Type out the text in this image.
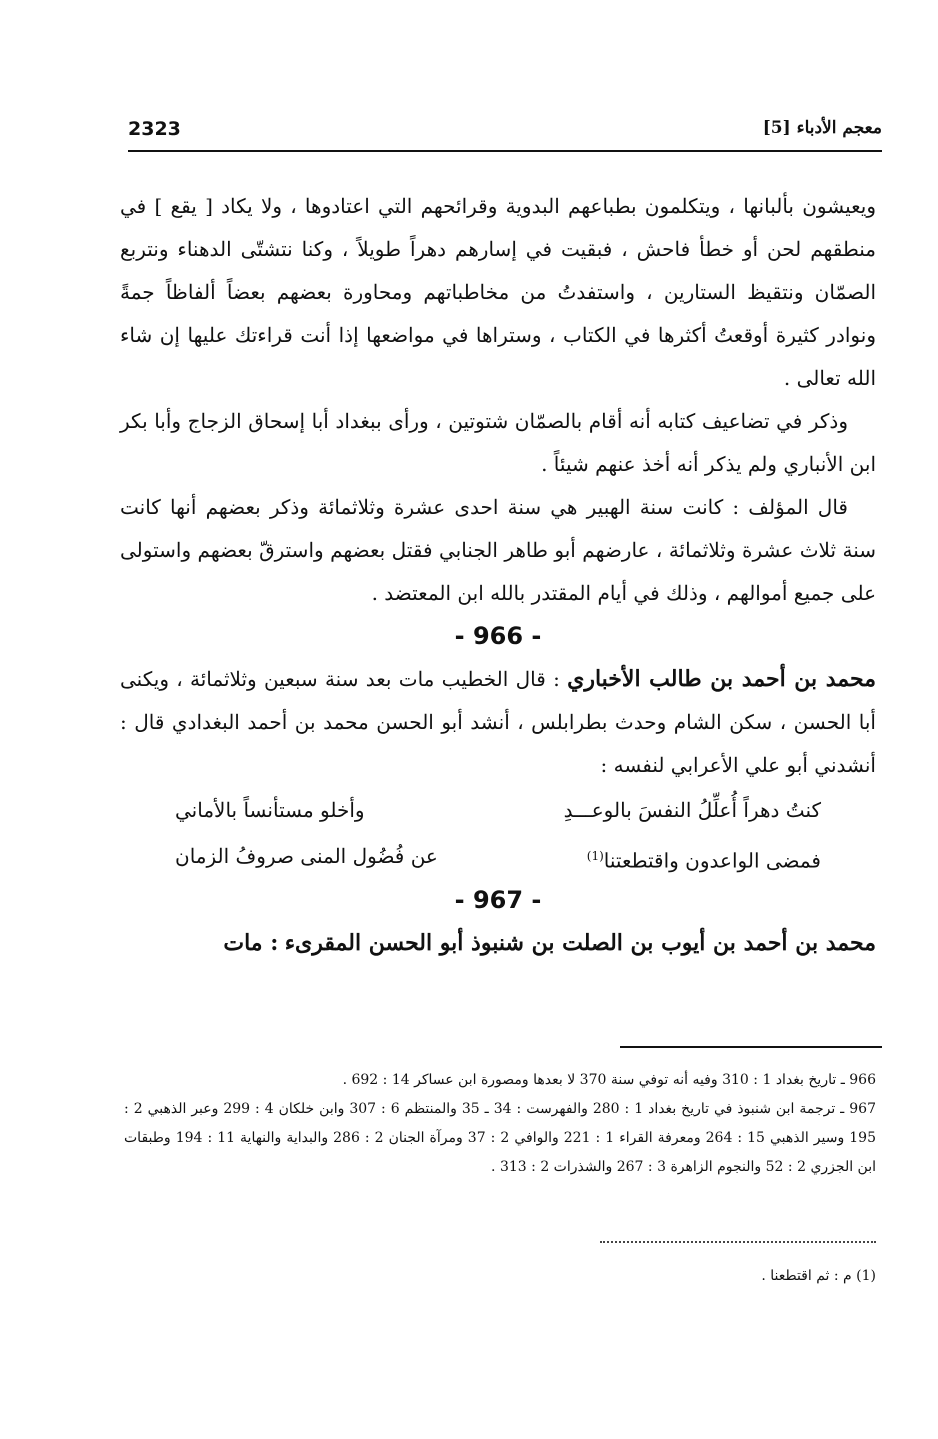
2323	معجم الأدباء [5]

ويعيشون بألبانها ، ويتكلمون بطباعهم البدوية وقرائحهم التي اعتادوها ، ولا يكاد [ يقع ] في منطقهم لحن أو خطأ فاحش ، فبقيت في إسارهم دهراً طويلاً ، وكنا نتشتّى الدهناء ونتربع الصمّان ونتقيظ الستارين ، واستفدتُ من مخاطباتهم ومحاورة بعضهم بعضاً ألفاظاً جمةً ونوادر كثيرة أوقعتُ أكثرها في الكتاب ، وستراها في مواضعها إذا أنت قراءتك عليها إن شاء الله تعالى .

وذكر في تضاعيف كتابه أنه أقام بالصمّان شتوتين ، ورأى ببغداد أبا إسحاق الزجاج وأبا بكر ابن الأنباري ولم يذكر أنه أخذ عنهم شيئاً .

قال المؤلف : كانت سنة الهبير هي سنة احدى عشرة وثلاثمائة وذكر بعضهم أنها كانت سنة ثلاث عشرة وثلاثمائة ، عارضهم أبو طاهر الجنابي فقتل بعضهم واسترقّ بعضهم واستولى على جميع أموالهم ، وذلك في أيام المقتدر بالله ابن المعتضد .

- 966 -

محمد بن أحمد بن طالب الأخباري : قال الخطيب مات بعد سنة سبعين وثلاثمائة ، ويكنى أبا الحسن ، سكن الشام وحدث بطرابلس ، أنشد أبو الحسن محمد بن أحمد البغدادي قال : أنشدني أبو علي الأعرابي لنفسه :

كنتُ دهراً أُعلِّلُ النفسَ بالوعـــدِ
وأخلو مستأنساً بالأماني
فمضى الواعدون واقتطعتنا$^{(1)}$
عن فُضُول المنى صروفُ الزمان

- 967 -

محمد بن أحمد بن أيوب بن الصلت بن شنبوذ أبو الحسن المقرىء : مات

966 ـ تاريخ بغداد 1 : 310 وفيه أنه توفي سنة 370 لا بعدها ومصورة ابن عساكر 14 : 692 .

967 ـ ترجمة ابن شنبوذ في تاريخ بغداد 1 : 280 والفهرست : 34 ـ 35 والمنتظم 6 : 307 وابن خلكان 4 : 299 وعبر الذهبي 2 : 195 وسير الذهبي 15 : 264 ومعرفة القراء 1 : 221 والوافي 2 : 37 ومرآة الجنان 2 : 286 والبداية والنهاية 11 : 194 وطبقات ابن الجزري 2 : 52 والنجوم الزاهرة 3 : 267 والشذرات 2 : 313 .

(1) م : ثم اقتطعنا .
